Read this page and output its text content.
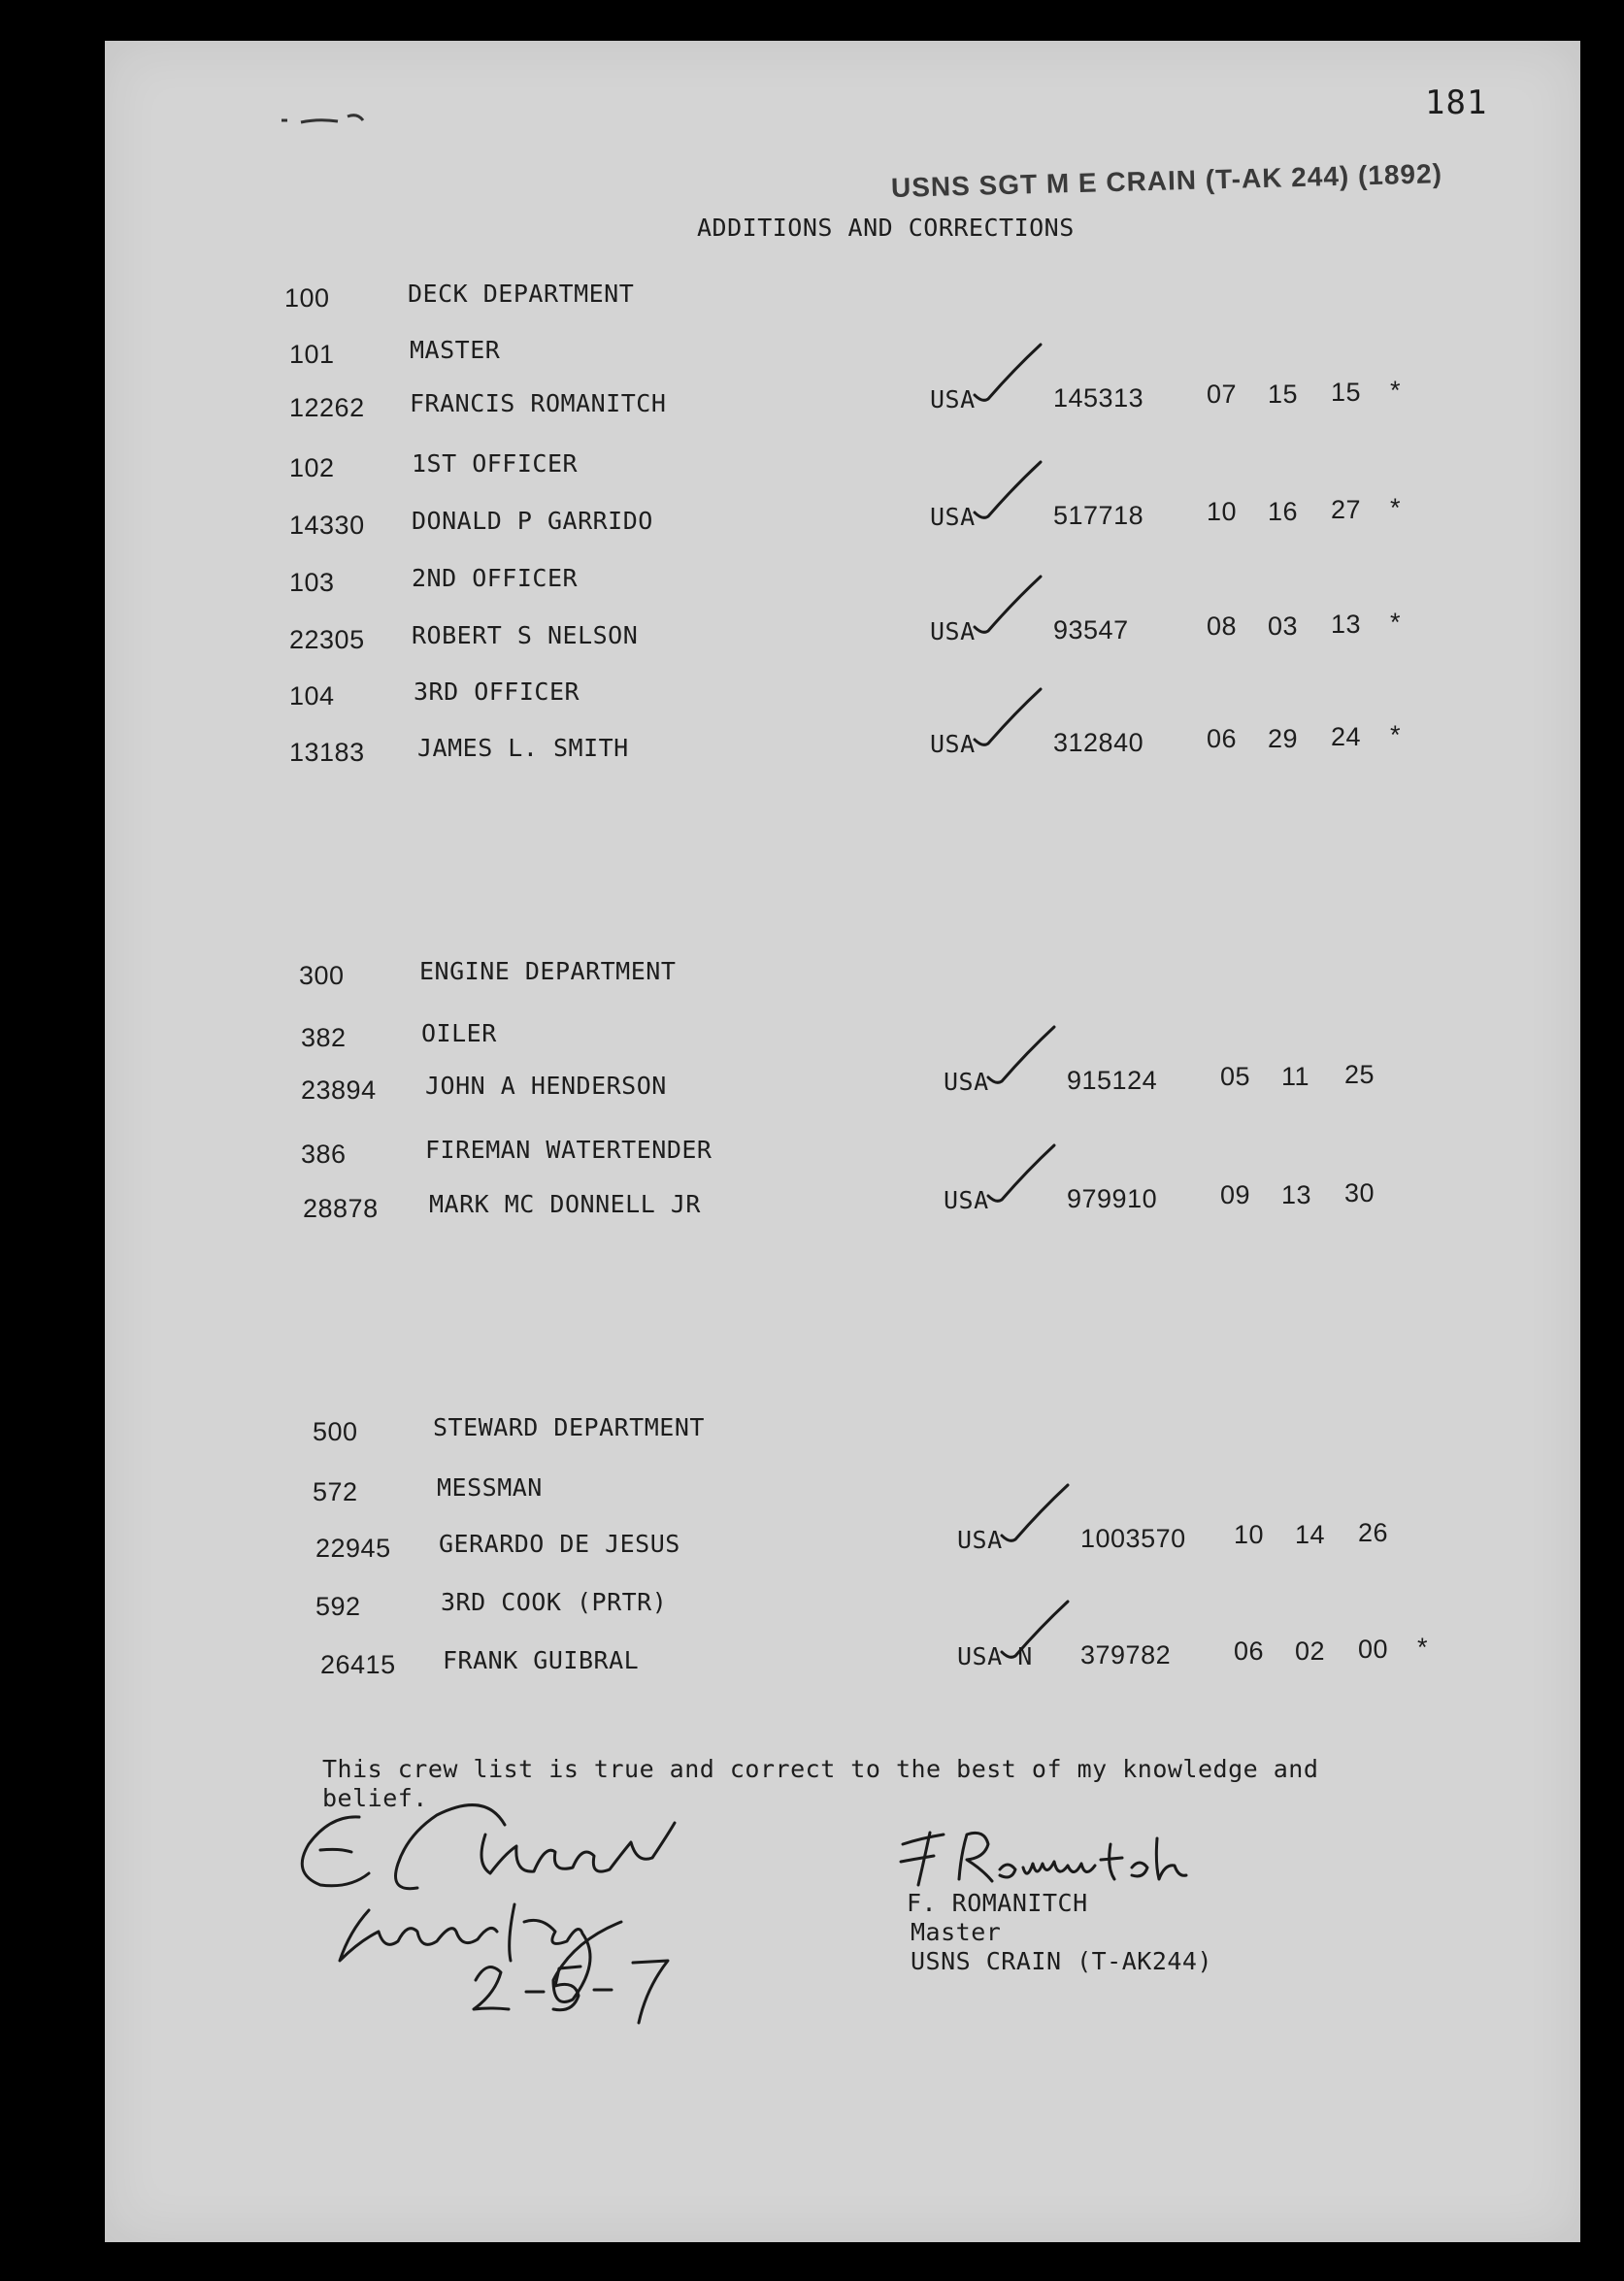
181
USNS SGT M E CRAIN (T-AK 244) (1892)
ADDITIONS AND CORRECTIONS
100	DECK DEPARTMENT
101	MASTER
12262 FRANCIS ROMANITCH	USA	145313 07 15 15 *
102	1ST OFFICER
14330 DONALD P GARRIDO	USA	517718 10 16 27 *
103	2ND OFFICER
22305 ROBERT S NELSON	USA	93547	08 03 13 *
104	3RD OFFICER
13183 JAMES L. SMITH	USA	312840 06 29 24 *
300	ENGINE DEPARTMENT
382	OILER
23894 JOHN A HENDERSON	USA	915124 05 11 25
386	FIREMAN WATERTENDER
28878 MARK MC DONNELL JR	USA	979910 09 13 30
500	STEWARD DEPARTMENT
572	MESSMAN
22945 GERARDO DE JESUS	USA	1003570 10 14 26
592	3RD COOK (PRTR)
26415 FRANK GUIBRAL	USA N 379782 06 02 00 *
This crew list is true and correct to the best of my knowledge and
belief.
F. ROMANITCH
Master
USNS CRAIN (T-AK244)
